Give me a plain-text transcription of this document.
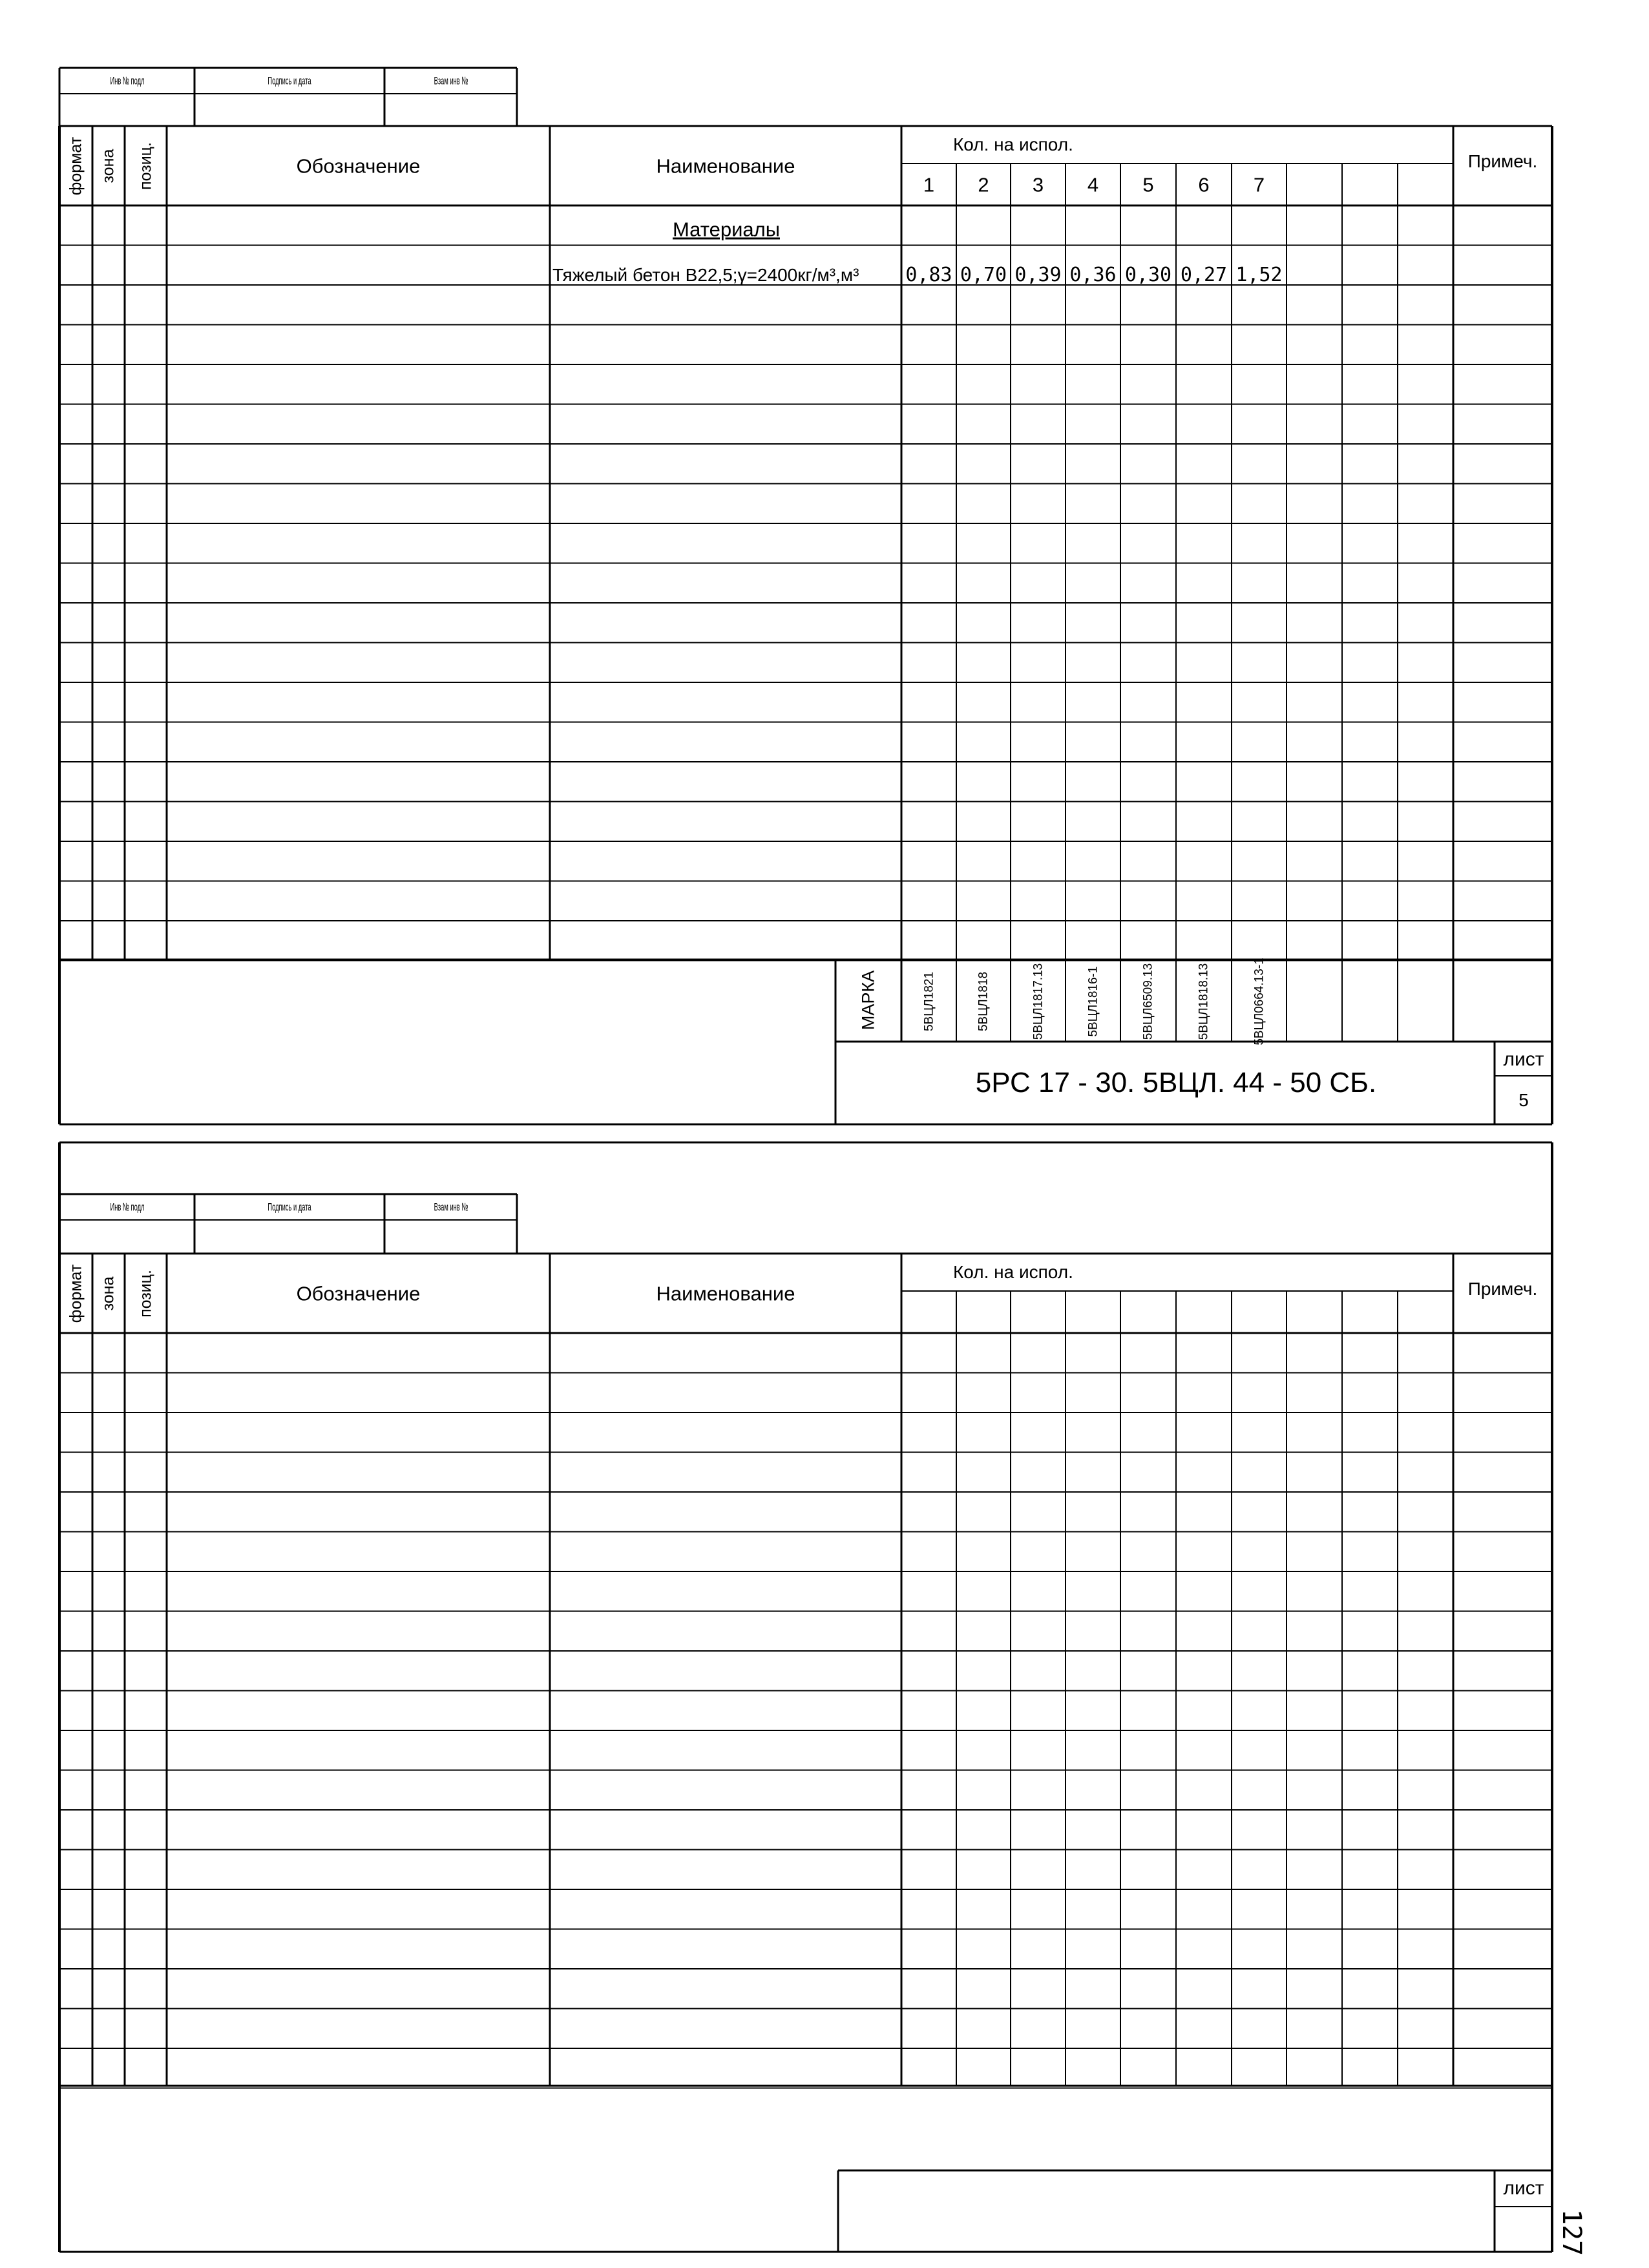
Инв № подл	Подпись и дата	Взам инв №
формат зона позиц.	Обозначение	Наименование
Кол. на испол.
Примеч.
1 2 3 4 5 6 7
Материалы
Тяжелый бетон В22,5;γ=2400кг/м³,м³ 0,83 0,70 0,39 0,36 0,30 0,27 1,52
МАРКА	5ВЦЛ1821	5ВЦЛ1818	5ВЦЛ1817.13	5ВЦЛ1816-1	5ВЦЛ6509.13	5ВЦЛ1818.13	5ВЦЛ0664.13-1
5РС 17 - 30. 5ВЦЛ. 44 - 50 СБ.
лист
5
Инв № подл	Подпись и дата	Взам инв №
формат зона позиц.	Обозначение	Наименование
Кол. на испол.
Примеч.
лист
127
